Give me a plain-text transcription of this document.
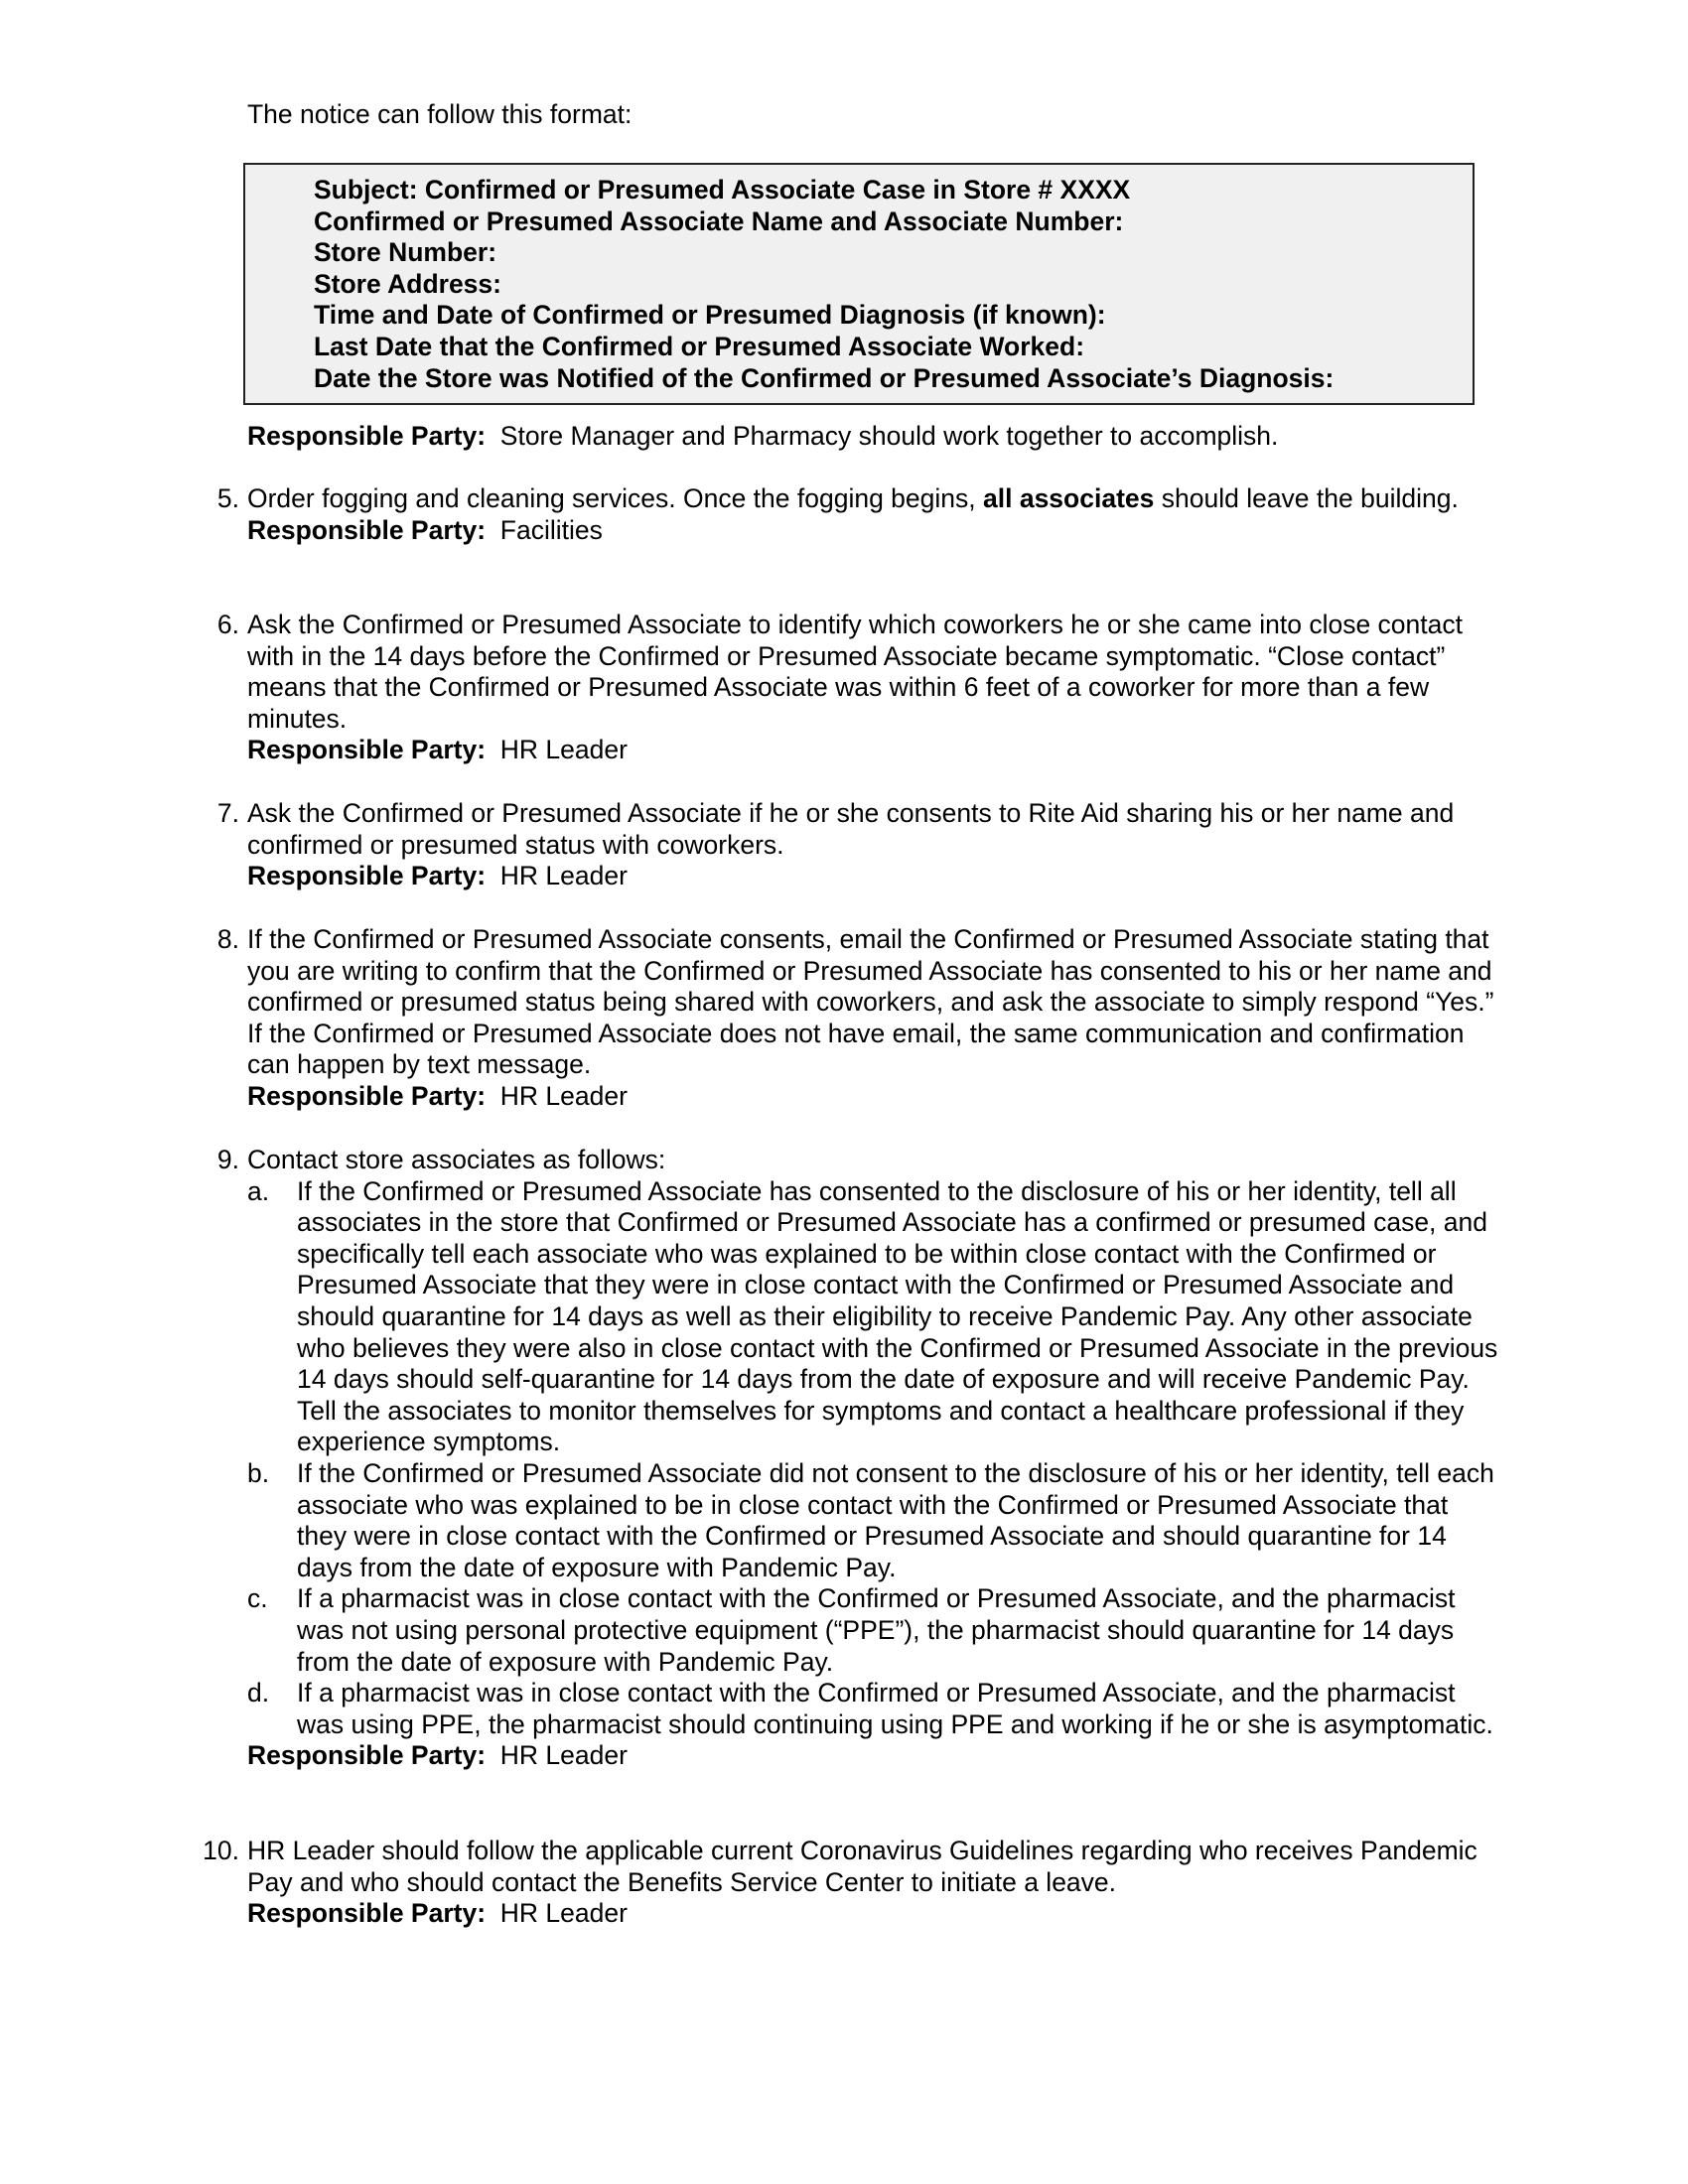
The notice can follow this format:
Subject: Confirmed or Presumed Associate Case in Store # XXXX
Confirmed or Presumed Associate Name and Associate Number:
Store Number:
Store Address:
Time and Date of Confirmed or Presumed Diagnosis (if known):
Last Date that the Confirmed or Presumed Associate Worked:
Date the Store was Notified of the Confirmed or Presumed Associate’s Diagnosis:
Responsible Party: Store Manager and Pharmacy should work together to accomplish.
5. Order fogging and cleaning services. Once the fogging begins, all associates should leave the building.

Responsible Party: Facilities
6. Ask the Confirmed or Presumed Associate to identify which coworkers he or she came into close contact with in the 14 days before the Confirmed or Presumed Associate became symptomatic. “Close contact” means that the Confirmed or Presumed Associate was within 6 feet of a coworker for more than a few minutes.

Responsible Party: HR Leader
7. Ask the Confirmed or Presumed Associate if he or she consents to Rite Aid sharing his or her name and confirmed or presumed status with coworkers.

Responsible Party: HR Leader
8. If the Confirmed or Presumed Associate consents, email the Confirmed or Presumed Associate stating that you are writing to confirm that the Confirmed or Presumed Associate has consented to his or her name and confirmed or presumed status being shared with coworkers, and ask the associate to simply respond “Yes.” If the Confirmed or Presumed Associate does not have email, the same communication and confirmation can happen by text message.

Responsible Party: HR Leader
9. Contact store associates as follows:

a. If the Confirmed or Presumed Associate has consented to the disclosure of his or her identity, tell all associates in the store that Confirmed or Presumed Associate has a confirmed or presumed case, and specifically tell each associate who was explained to be within close contact with the Confirmed or Presumed Associate that they were in close contact with the Confirmed or Presumed Associate and should quarantine for 14 days as well as their eligibility to receive Pandemic Pay. Any other associate who believes they were also in close contact with the Confirmed or Presumed Associate in the previous 14 days should self-quarantine for 14 days from the date of exposure and will receive Pandemic Pay. Tell the associates to monitor themselves for symptoms and contact a healthcare professional if they experience symptoms.
b. If the Confirmed or Presumed Associate did not consent to the disclosure of his or her identity, tell each associate who was explained to be in close contact with the Confirmed or Presumed Associate that they were in close contact with the Confirmed or Presumed Associate and should quarantine for 14 days from the date of exposure with Pandemic Pay.
c. If a pharmacist was in close contact with the Confirmed or Presumed Associate, and the pharmacist was not using personal protective equipment (“PPE”), the pharmacist should quarantine for 14 days from the date of exposure with Pandemic Pay.
d. If a pharmacist was in close contact with the Confirmed or Presumed Associate, and the pharmacist was using PPE, the pharmacist should continuing using PPE and working if he or she is asymptomatic.
Responsible Party: HR Leader
10. HR Leader should follow the applicable current Coronavirus Guidelines regarding who receives Pandemic Pay and who should contact the Benefits Service Center to initiate a leave.

Responsible Party: HR Leader
